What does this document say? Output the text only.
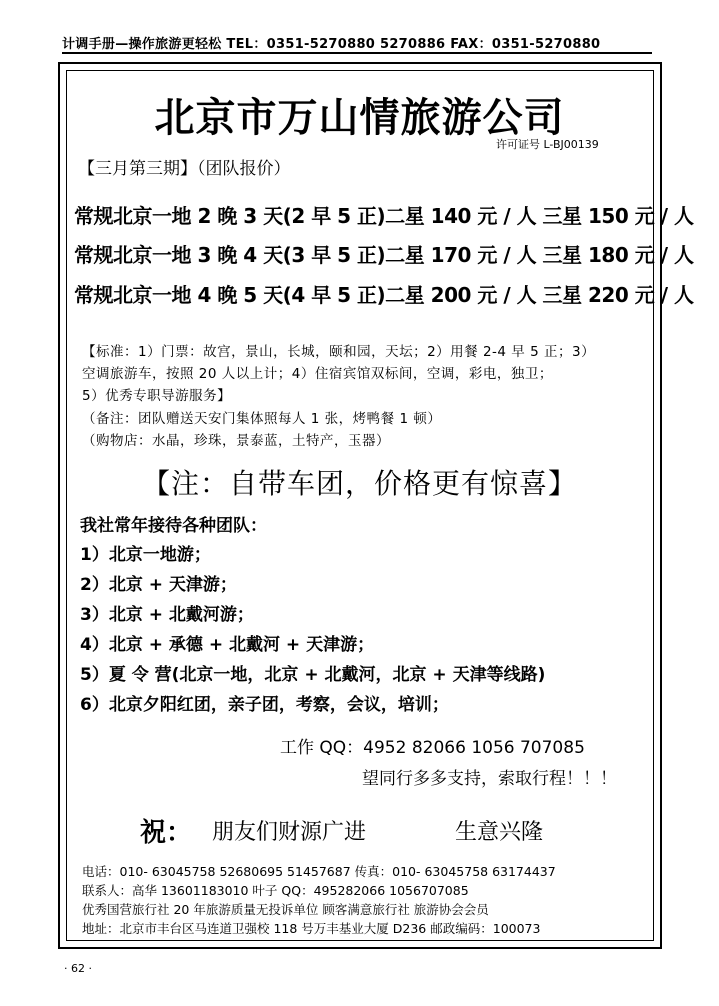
计调手册—操作旅游更轻松 TEL：0351-5270880 5270886 FAX：0351-5270880
北京市万山情旅游公司
许可证号 L-BJ00139
【三月第三期】（团队报价）
常规北京一地 2 晚 3 天(2 早 5 正)二星 140 元 / 人 三星 150 元 / 人
常规北京一地 3 晚 4 天(3 早 5 正)二星 170 元 / 人 三星 180 元 / 人
常规北京一地 4 晚 5 天(4 早 5 正)二星 200 元 / 人 三星 220 元 / 人
【标准：1）门票：故宫，景山，长城，颐和园，天坛；2）用餐 2-4 早 5 正；3）
空调旅游车，按照 20 人以上计；4）住宿宾馆双标间，空调，彩电，独卫；
5）优秀专职导游服务】
（备注：团队赠送天安门集体照每人 1 张，烤鸭餐 1 顿）
（购物店：水晶，珍珠，景泰蓝，土特产，玉器）
【注：自带车团，价格更有惊喜】
我社常年接待各种团队：
1）北京一地游；
2）北京 + 天津游；
3）北京 + 北戴河游；
4）北京 + 承德 + 北戴河 + 天津游；
5）夏 令 营(北京一地，北京 + 北戴河，北京 + 天津等线路)
6）北京夕阳红团，亲子团，考察，会议，培训；
工作 QQ：4952 82066 1056 707085
望同行多多支持，索取行程！！！
祝： 朋友们财源广进	生意兴隆
电话：010- 63045758 52680695 51457687 传真：010- 63045758 63174437
联系人：高华 13601183010 叶子 QQ：495282066 1056707085
优秀国营旅行社 20 年旅游质量无投诉单位 顾客满意旅行社 旅游协会会员
地址：北京市丰台区马连道卫强校 118 号万丰基业大厦 D236 邮政编码：100073
· 62 ·
